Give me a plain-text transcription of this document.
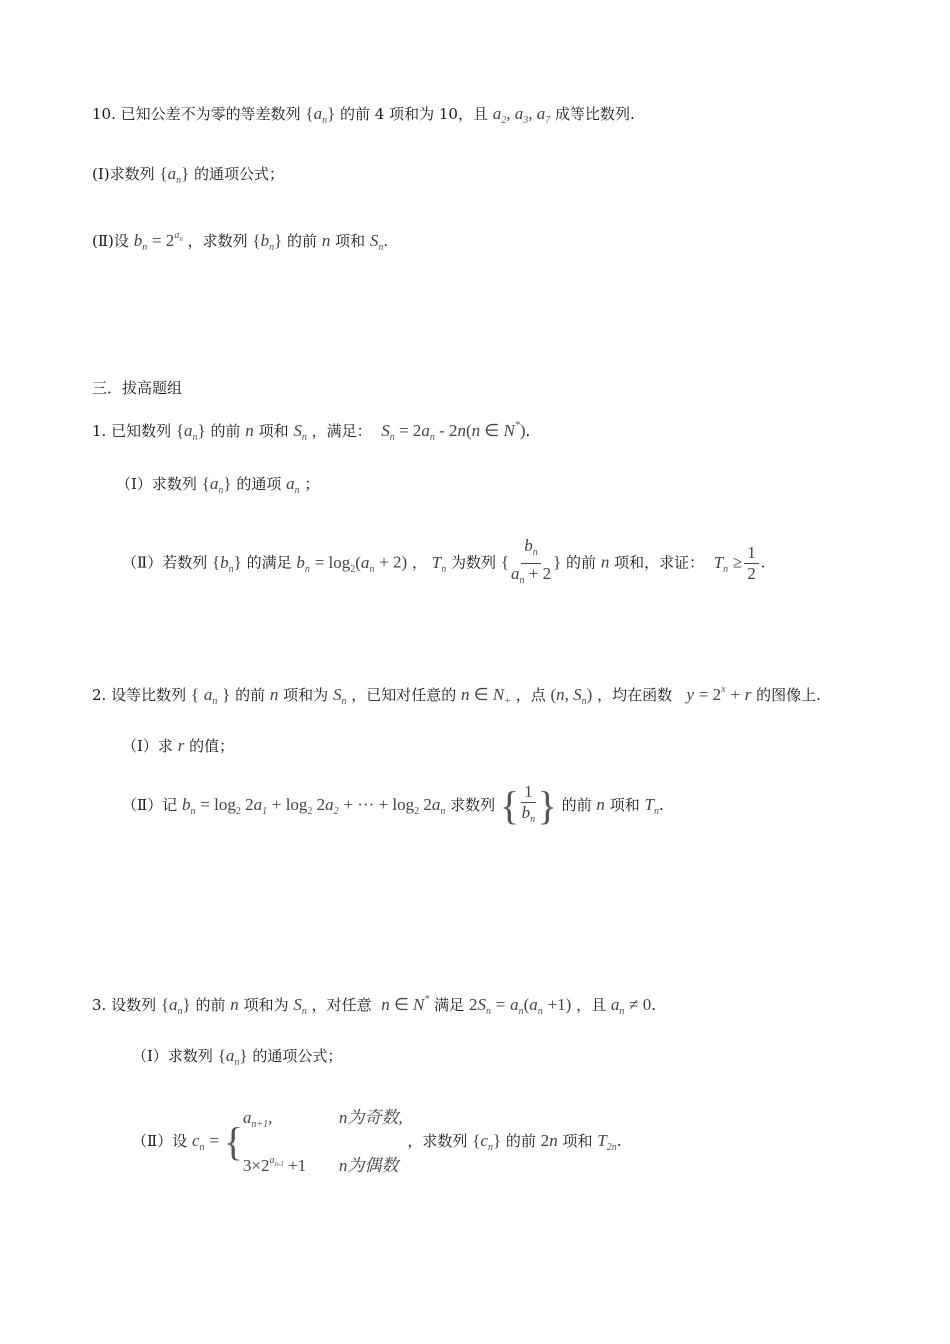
10. 已知公差不为零的等差数列 $\{a_n\}$ 的前 4 项和为 10，且 $a_2$, $a_3$, $a_7$ 成等比数列.
(Ⅰ)求数列 $\{a_n\}$ 的通项公式；
(Ⅱ)设 $b_n = 2^{a_n}$ ，求数列 $\{b_n\}$ 的前 n 项和 $S_n$.
三．拔高题组
1. 已知数列 $\{a_n\}$ 的前 n 项和 $S_n$ ，满足： $S_n = 2a_n - 2n(n$ ∈ N*).
（Ⅰ）求数列 $\{a_n\}$ 的通项 $a_n$ ；
（Ⅱ）若数列 $\{b_n\}$ 的满足 $b_n = \log_2(a_n + 2)$ ， $T_n$ 为数列 { $\frac{b_n}{a_n + 2}$ } 的前 n 项和，求证： $T_n \ge \frac{1}{2}$ .
2. 设等比数列 { $a_n$ } 的前 n 项和为 $S_n$ ，已知对任意的 n ∈ $N_+$ ，点 (n, $S_n$) ，均在函数 $y = 2^x + r$ 的图像上.
（Ⅰ）求 r 的值；
（Ⅱ）记 $b_n = \log_2 2a_1 + \log_2 2a_2$ + ··· + $\log_2 2a_n$ 求数列 { $\frac{1}{b_n}$ } 的前 n 项和 $T_n$.
3. 设数列 $\{a_n\}$ 的前 n 项和为 $S_n$ ，对任意 n ∈ N* 满足 $2S_n = a_n(a_n +1)$ ，且 $a_n \ne 0$.
（Ⅰ）求数列 $\{a_n\}$ 的通项公式；
（Ⅱ）设 $c_n$ = {
$a_{n+1}$,	n为奇数,
$3\times 2^{a_{n-1}} +1$ n为偶数
，求数列 $\{c_n\}$ 的前 2n 项和 $T_{2n}$.
